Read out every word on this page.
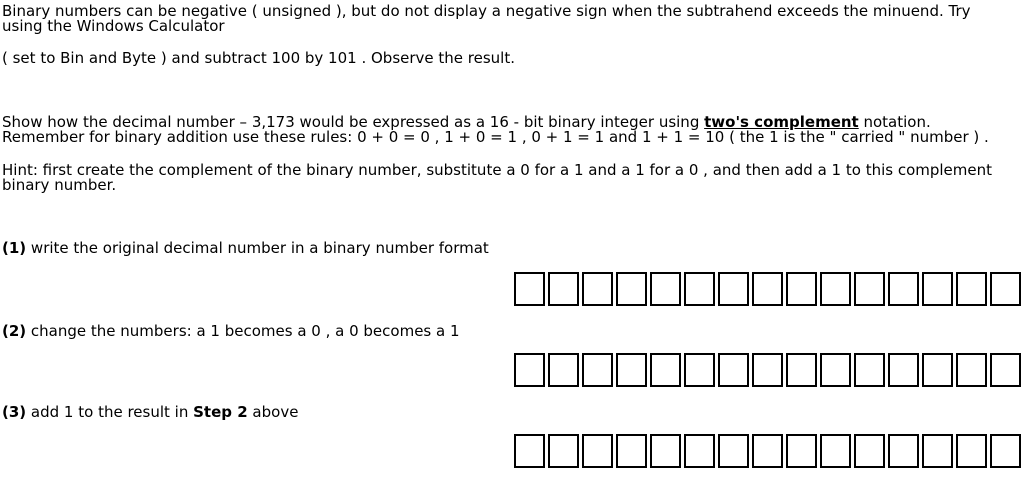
Binary numbers can be negative ( unsigned ), but do not display a negative sign when the subtrahend exceeds the minuend. Try using the Windows Calculator

( set to Bin and Byte ) and subtract 100 by 101 . Observe the result.

Show how the decimal number – 3,173 would be expressed as a 16 - bit binary integer using two's complement notation. Remember for binary addition use these rules: 0 + 0 = 0 , 1 + 0 = 1 , 0 + 1 = 1 and 1 + 1 = 10 ( the 1 is the " carried " number ) .

Hint: first create the complement of the binary number, substitute a 0 for a 1 and a 1 for a 0 , and then add a 1 to this complement binary number.

(1) write the original decimal number in a binary number format

(2) change the numbers: a 1 becomes a 0 , a 0 becomes a 1

(3) add 1 to the result in Step 2 above
